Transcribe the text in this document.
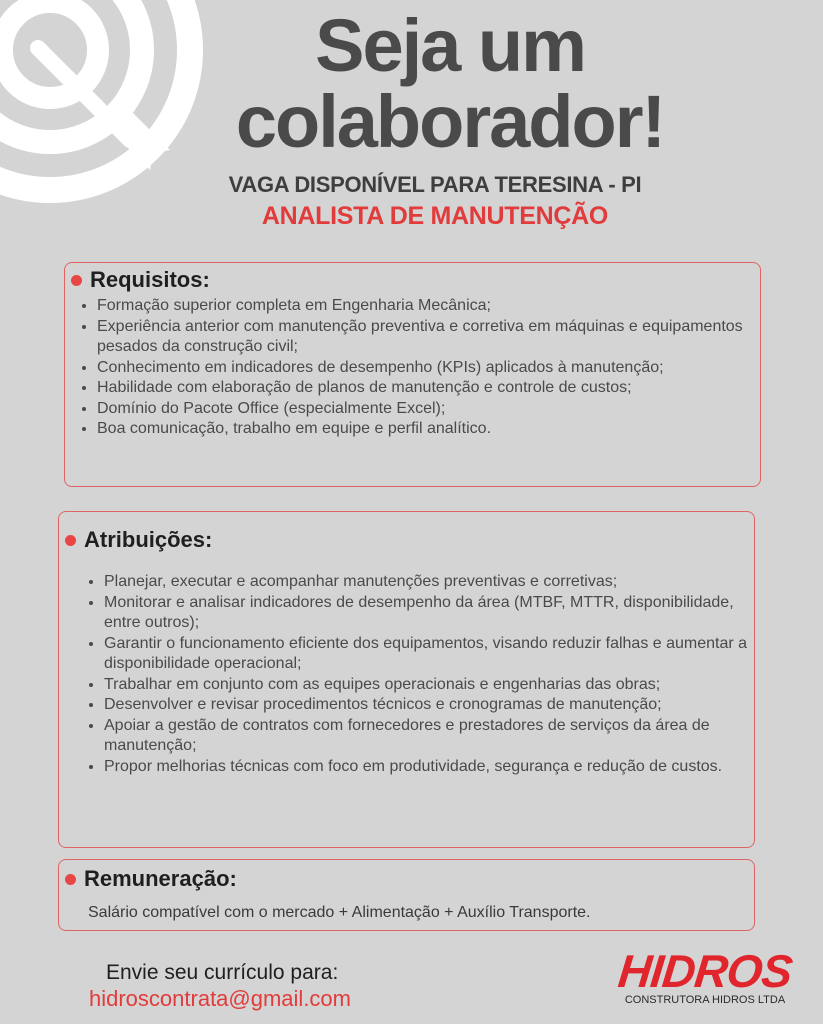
Seja um
colaborador!
VAGA DISPONÍVEL PARA TERESINA - PI
ANALISTA DE MANUTENÇÃO
Requisitos:
• Formação superior completa em Engenharia Mecânica;
• Experiência anterior com manutenção preventiva e corretiva em máquinas e equipamentos pesados da construção civil;
• Conhecimento em indicadores de desempenho (KPIs) aplicados à manutenção;
• Habilidade com elaboração de planos de manutenção e controle de custos;
• Domínio do Pacote Office (especialmente Excel);
• Boa comunicação, trabalho em equipe e perfil analítico.
Atribuições:
• Planejar, executar e acompanhar manutenções preventivas e corretivas;
• Monitorar e analisar indicadores de desempenho da área (MTBF, MTTR, disponibilidade, entre outros);
• Garantir o funcionamento eficiente dos equipamentos, visando reduzir falhas e aumentar a disponibilidade operacional;
• Trabalhar em conjunto com as equipes operacionais e engenharias das obras;
• Desenvolver e revisar procedimentos técnicos e cronogramas de manutenção;
• Apoiar a gestão de contratos com fornecedores e prestadores de serviços da área de manutenção;
• Propor melhorias técnicas com foco em produtividade, segurança e redução de custos.
Remuneração:
Salário compatível com o mercado + Alimentação + Auxílio Transporte.
Envie seu currículo para:
hidroscontrata@gmail.com
HIDROS
CONSTRUTORA HIDROS LTDA
